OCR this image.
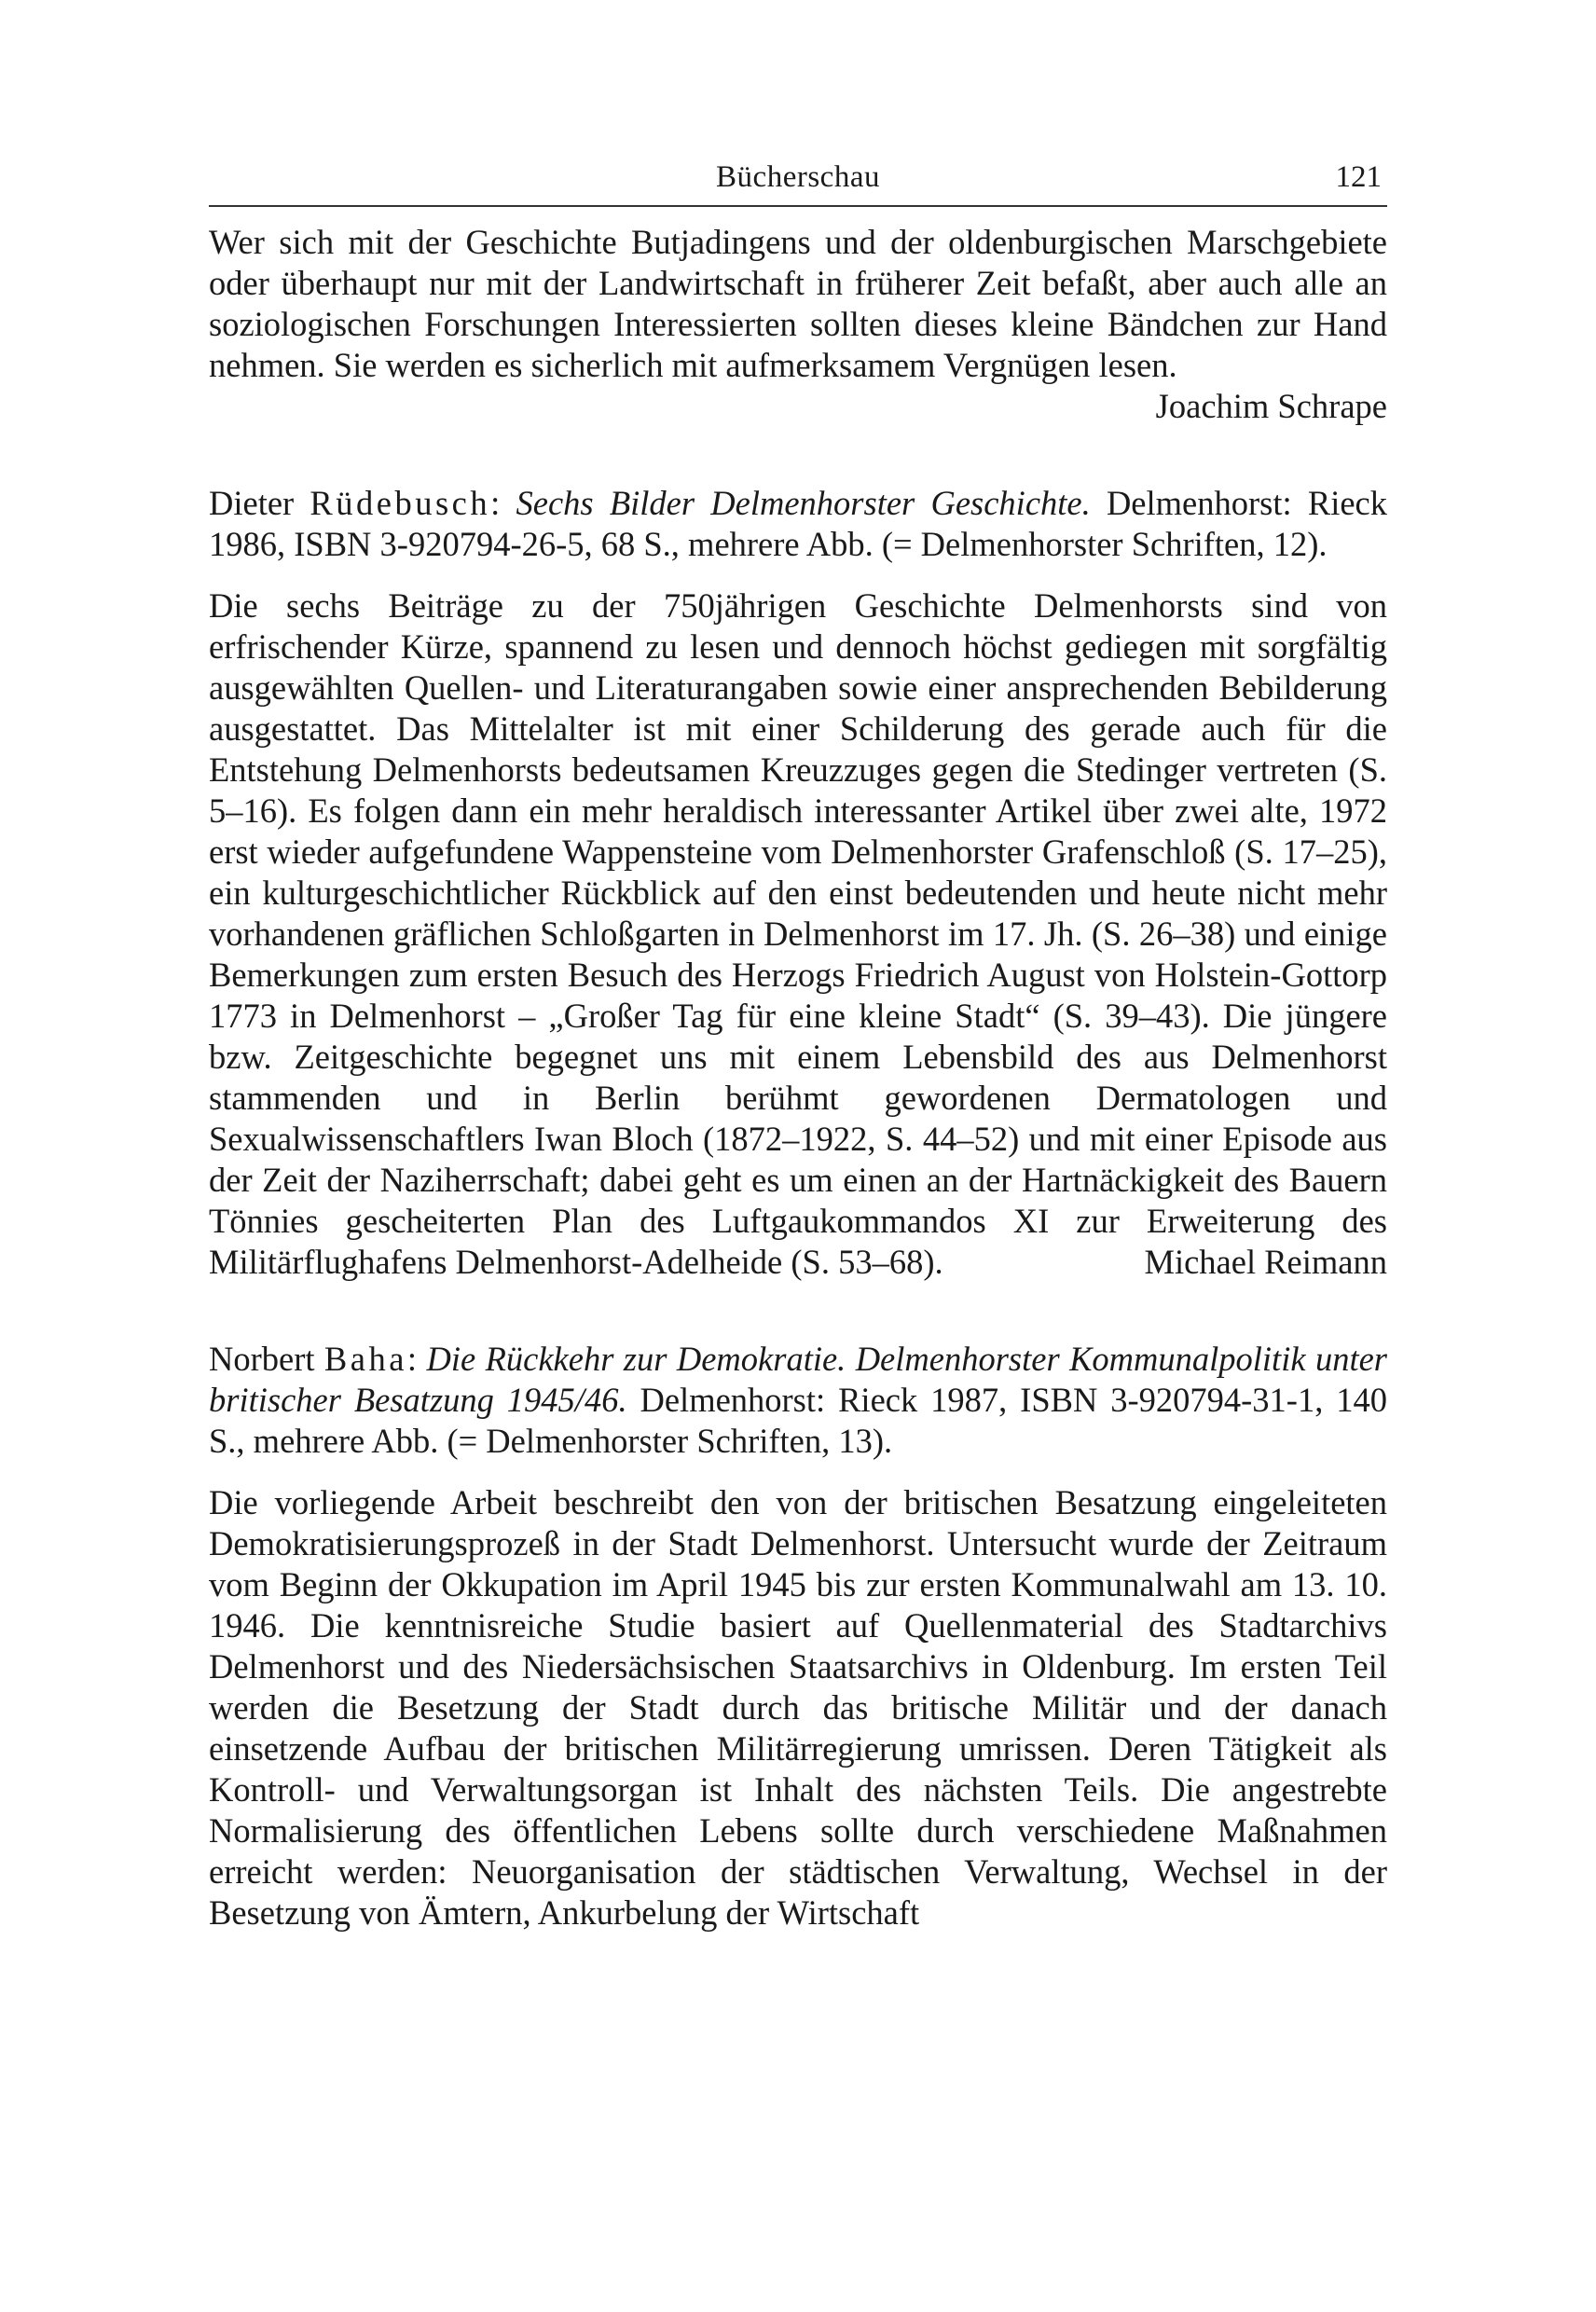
Bücherschau	121

Wer sich mit der Geschichte Butjadingens und der oldenburgischen Marschgebiete oder überhaupt nur mit der Landwirtschaft in früherer Zeit befaßt, aber auch alle an soziologischen Forschungen Interessierten sollten dieses kleine Bändchen zur Hand nehmen. Sie werden es sicherlich mit aufmerksamem Vergnügen lesen.
Joachim Schrape

Dieter Rüdebusch: Sechs Bilder Delmenhorster Geschichte. Delmenhorst: Rieck 1986, ISBN 3-920794-26-5, 68 S., mehrere Abb. (= Delmenhorster Schriften, 12).

Die sechs Beiträge zu der 750jährigen Geschichte Delmenhorsts sind von erfrischender Kürze, spannend zu lesen und dennoch höchst gediegen mit sorgfältig ausgewählten Quellen- und Literaturangaben sowie einer ansprechenden Bebilderung ausgestattet. Das Mittelalter ist mit einer Schilderung des gerade auch für die Entstehung Delmenhorsts bedeutsamen Kreuzzuges gegen die Stedinger vertreten (S. 5–16). Es folgen dann ein mehr heraldisch interessanter Artikel über zwei alte, 1972 erst wieder aufgefundene Wappensteine vom Delmenhorster Grafenschloß (S. 17–25), ein kulturgeschichtlicher Rückblick auf den einst bedeutenden und heute nicht mehr vorhandenen gräflichen Schloßgarten in Delmenhorst im 17. Jh. (S. 26–38) und einige Bemerkungen zum ersten Besuch des Herzogs Friedrich August von Holstein-Gottorp 1773 in Delmenhorst – „Großer Tag für eine kleine Stadt“ (S. 39–43). Die jüngere bzw. Zeitgeschichte begegnet uns mit einem Lebensbild des aus Delmenhorst stammenden und in Berlin berühmt gewordenen Dermatologen und Sexualwissenschaftlers Iwan Bloch (1872–1922, S. 44–52) und mit einer Episode aus der Zeit der Naziherrschaft; dabei geht es um einen an der Hartnäckigkeit des Bauern Tönnies gescheiterten Plan des Luftgaukommandos XI zur Erweiterung des Militärflughafens Delmenhorst-Adelheide (S. 53–68).	Michael Reimann

Norbert Baha: Die Rückkehr zur Demokratie. Delmenhorster Kommunalpolitik unter britischer Besatzung 1945/46. Delmenhorst: Rieck 1987, ISBN 3-920794-31-1, 140 S., mehrere Abb. (= Delmenhorster Schriften, 13).

Die vorliegende Arbeit beschreibt den von der britischen Besatzung eingeleiteten Demokratisierungsprozeß in der Stadt Delmenhorst. Untersucht wurde der Zeitraum vom Beginn der Okkupation im April 1945 bis zur ersten Kommunalwahl am 13. 10. 1946. Die kenntnisreiche Studie basiert auf Quellenmaterial des Stadtarchivs Delmenhorst und des Niedersächsischen Staatsarchivs in Oldenburg. Im ersten Teil werden die Besetzung der Stadt durch das britische Militär und der danach einsetzende Aufbau der britischen Militärregierung umrissen. Deren Tätigkeit als Kontroll- und Verwaltungsorgan ist Inhalt des nächsten Teils. Die angestrebte Normalisierung des öffentlichen Lebens sollte durch verschiedene Maßnahmen erreicht werden: Neuorganisation der städtischen Verwaltung, Wechsel in der Besetzung von Ämtern, Ankurbelung der Wirtschaft
